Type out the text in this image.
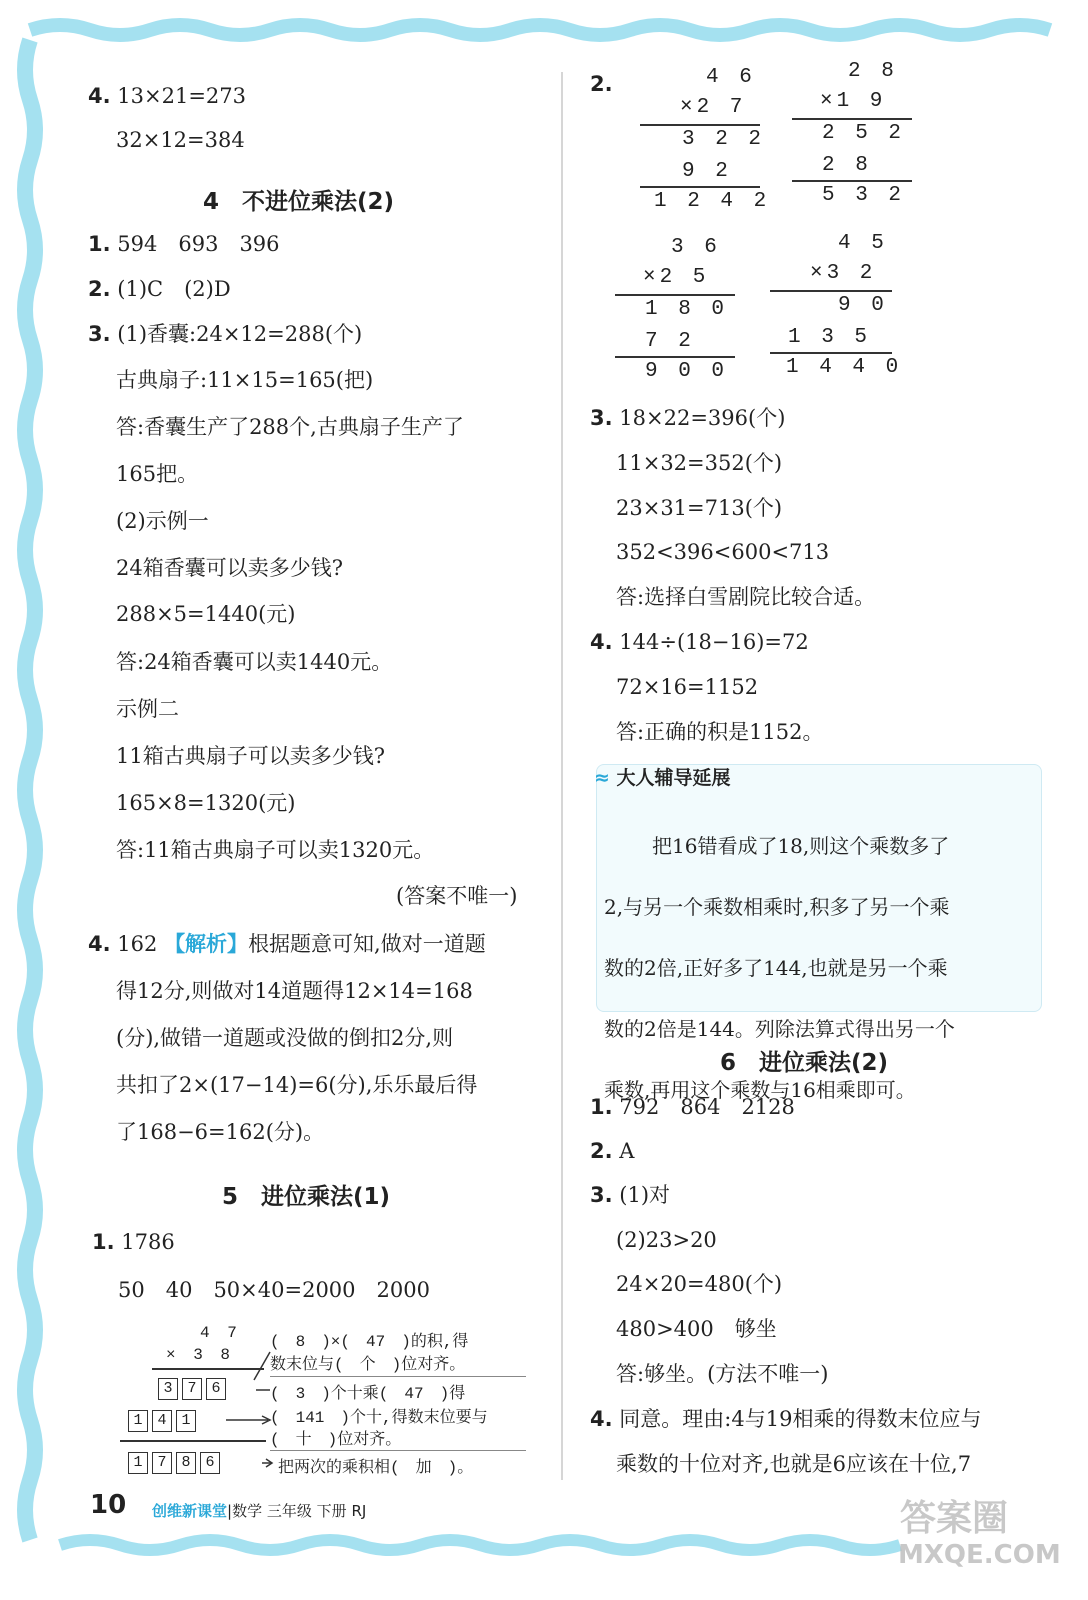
4. 13×21=273
32×12=384
4　 不进位乘法(2)
1. 594　693　396
2. (1)C　(2)D
3. (1)香囊:24×12=288(个)
古典扇子:11×15=165(把)
答:香囊生产了288个,古典扇子生产了
165把。
(2)示例一
24箱香囊可以卖多少钱?
288×5=1440(元)
答:24箱香囊可以卖1440元。
示例二
11箱古典扇子可以卖多少钱?
165×8=1320(元)
答:11箱古典扇子可以卖1320元。
(答案不唯一)
4. 162 【解析】根据题意可知,做对一道题
得12分,则做对14道题得12×14=168
(分),做错一道题或没做的倒扣2分,则
共扣了2×(17−14)=6(分),乐乐最后得
了168−6=162(分)。
5　 进位乘法(1)
1. 1786
50　40　50×40=2000　2000
4 7
× 3 8
3 7 6
1 4 1
1 7 8 6
(　8　)×(　47　)的积,得
数末位与(　个　)位对齐。
(　3　)个十乘(　47　)得
(　141　)个十,得数末位要与
(　十　)位对齐。
把两次的乘积相(　加　)。
2.	4 6
×2 7
3 2 2
9 2
1 2 4 2
2 8
×1 9
2 5 2
2 8
5 3 2
3 6
×2 5
1 8 0
7 2
9 0 0
4 5
×3 2
9 0
1 3 5
1 4 4 0
3. 18×22=396(个)
11×32=352(个)
23×31=713(个)
352<396<600<713
答:选择白雪剧院比较合适。
4. 144÷(18−16)=72
72×16=1152
答:正确的积是1152。
≈ 大人辅导延展

把16错看成了18,则这个乘数多了

2,与另一个乘数相乘时,积多了另一个乘

数的2倍,正好多了144,也就是另一个乘

数的2倍是144。列除法算式得出另一个

乘数,再用这个乘数与16相乘即可。

6　 进位乘法(2)
1. 792　864　2128
2. A
3. (1)对
(2)23>20
24×20=480(个)
480>400　够坐
答:够坐。(方法不唯一)
4. 同意。理由:4与19相乘的得数末位应与
乘数的十位对齐,也就是6应该在十位,7
10 创维新课堂|数学 三年级 下册 RJ	答案圈
MXQE.COM
